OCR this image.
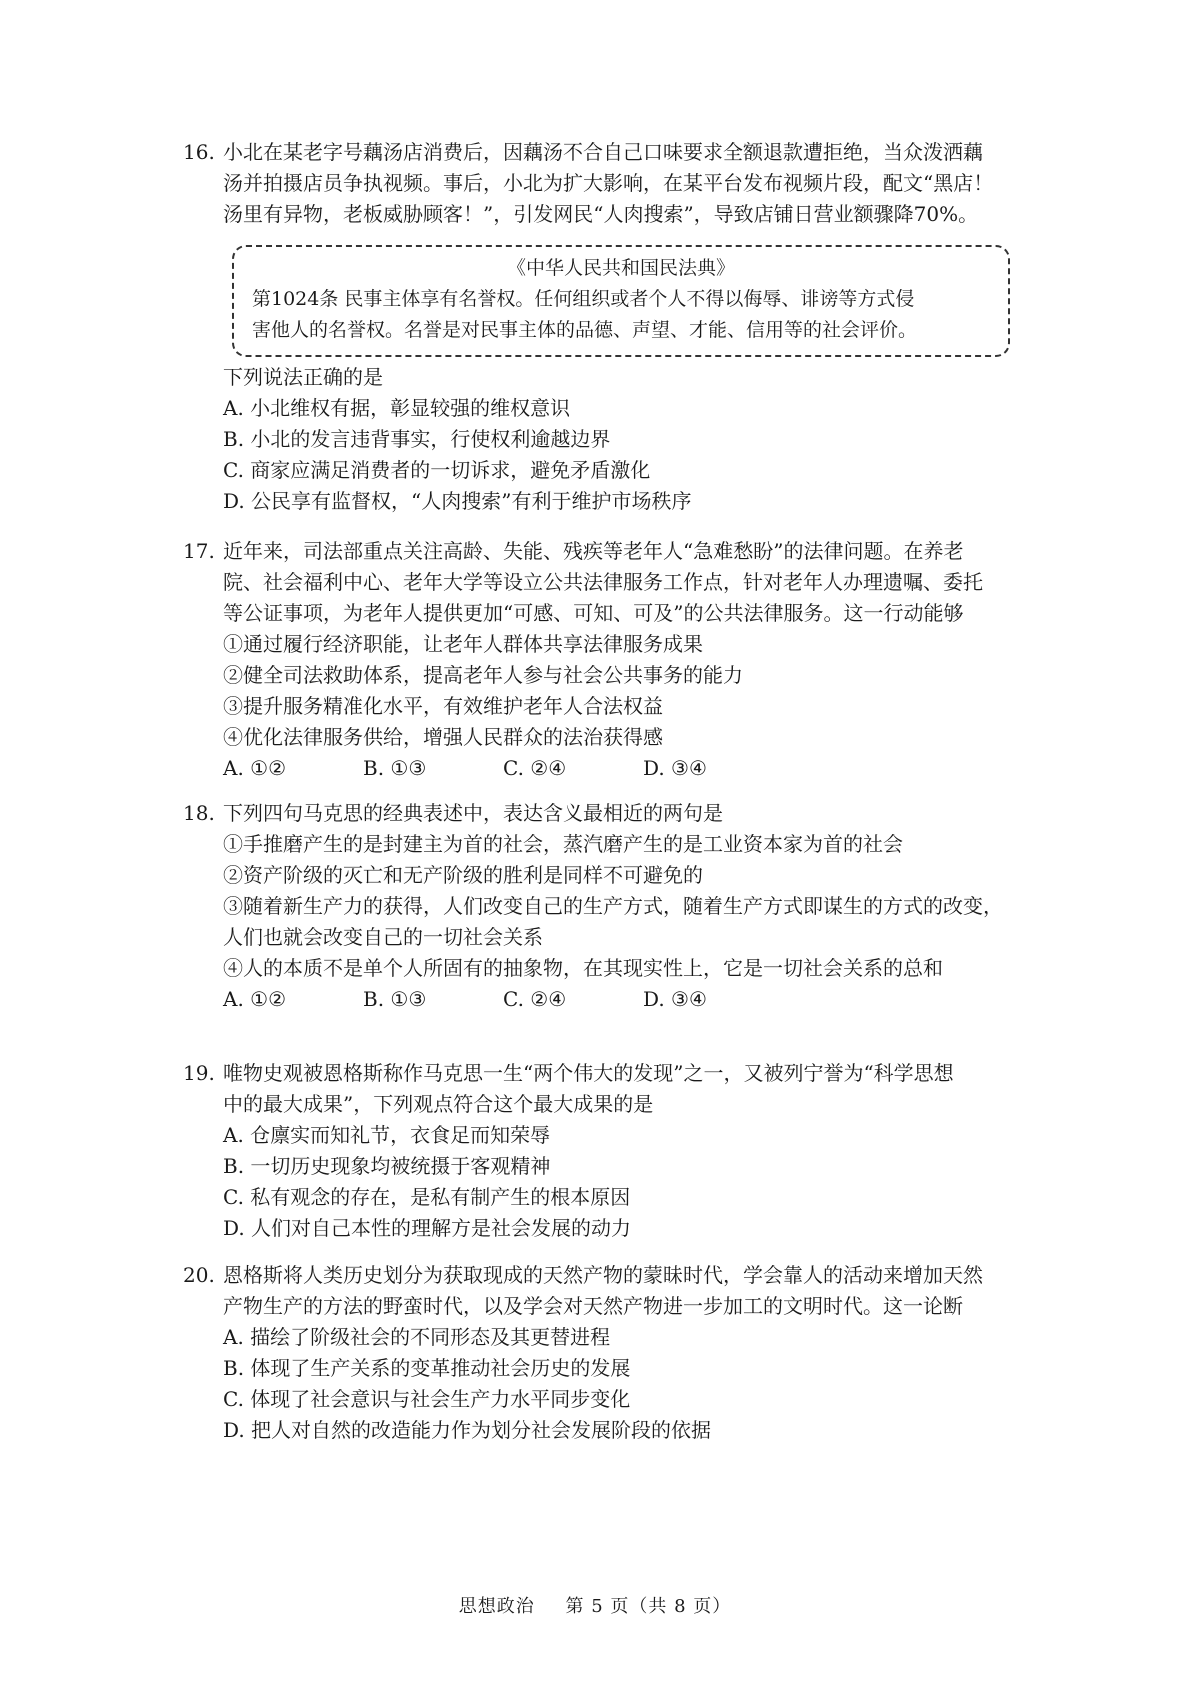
16. 小北在某老字号藕汤店消费后，因藕汤不合自己口味要求全额退款遭拒绝，当众泼洒藕
汤并拍摄店员争执视频。事后，小北为扩大影响，在某平台发布视频片段，配文“黑店！
汤里有异物，老板威胁顾客！”，引发网民“人肉搜索”，导致店铺日营业额骤降70%。
《中华人民共和国民法典》
第1024条 民事主体享有名誉权。任何组织或者个人不得以侮辱、诽谤等方式侵
害他人的名誉权。名誉是对民事主体的品德、声望、才能、信用等的社会评价。
下列说法正确的是
A. 小北维权有据，彰显较强的维权意识
B. 小北的发言违背事实，行使权利逾越边界
C. 商家应满足消费者的一切诉求，避免矛盾激化
D. 公民享有监督权，“人肉搜索”有利于维护市场秩序
17. 近年来，司法部重点关注高龄、失能、残疾等老年人“急难愁盼”的法律问题。在养老
院、社会福利中心、老年大学等设立公共法律服务工作点，针对老年人办理遗嘱、委托
等公证事项，为老年人提供更加“可感、可知、可及”的公共法律服务。这一行动能够
①通过履行经济职能，让老年人群体共享法律服务成果
②健全司法救助体系，提高老年人参与社会公共事务的能力
③提升服务精准化水平，有效维护老年人合法权益
④优化法律服务供给，增强人民群众的法治获得感
A. ①②	B. ①③	C. ②④	D. ③④
18. 下列四句马克思的经典表述中，表达含义最相近的两句是
①手推磨产生的是封建主为首的社会，蒸汽磨产生的是工业资本家为首的社会
②资产阶级的灭亡和无产阶级的胜利是同样不可避免的
③随着新生产力的获得，人们改变自己的生产方式，随着生产方式即谋生的方式的改变，
人们也就会改变自己的一切社会关系
④人的本质不是单个人所固有的抽象物，在其现实性上，它是一切社会关系的总和
A. ①②	B. ①③	C. ②④	D. ③④
19. 唯物史观被恩格斯称作马克思一生“两个伟大的发现”之一，又被列宁誉为“科学思想
中的最大成果”，下列观点符合这个最大成果的是
A. 仓廪实而知礼节，衣食足而知荣辱
B. 一切历史现象均被统摄于客观精神
C. 私有观念的存在，是私有制产生的根本原因
D. 人们对自己本性的理解方是社会发展的动力
20. 恩格斯将人类历史划分为获取现成的天然产物的蒙昧时代，学会靠人的活动来增加天然
产物生产的方法的野蛮时代，以及学会对天然产物进一步加工的文明时代。这一论断
A. 描绘了阶级社会的不同形态及其更替进程
B. 体现了生产关系的变革推动社会历史的发展
C. 体现了社会意识与社会生产力水平同步变化
D. 把人对自然的改造能力作为划分社会发展阶段的依据
思想政治 第 5 页（共 8 页）
